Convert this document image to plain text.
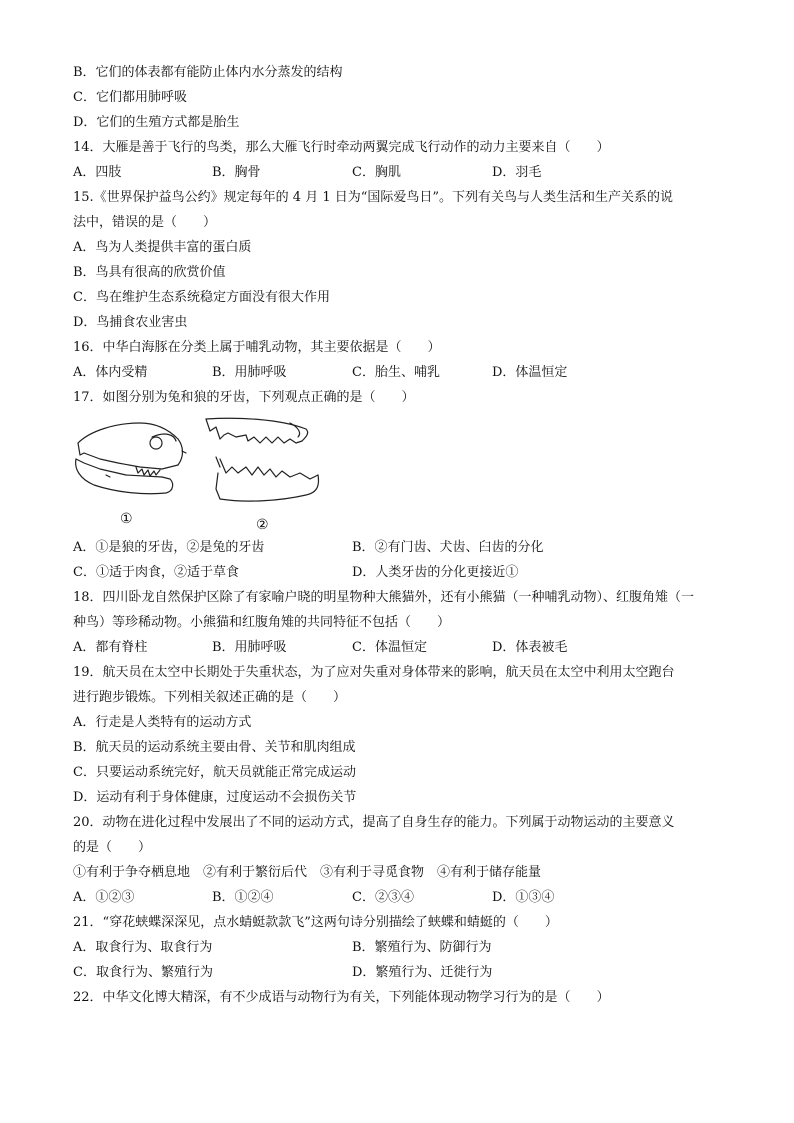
B．它们的体表都有能防止体内水分蒸发的结构
C．它们都用肺呼吸
D．它们的生殖方式都是胎生
14．大雁是善于飞行的鸟类，那么大雁飞行时牵动两翼完成飞行动作的动力主要来自（　　）
A．四肢	B．胸骨	C．胸肌	D．羽毛
15.《世界保护益鸟公约》规定每年的 4 月 1 日为“国际爱鸟日”。下列有关鸟与人类生活和生产关系的说
法中，错误的是（　　）
A．鸟为人类提供丰富的蛋白质
B．鸟具有很高的欣赏价值
C．鸟在维护生态系统稳定方面没有很大作用
D．鸟捕食农业害虫
16．中华白海豚在分类上属于哺乳动物，其主要依据是（　　）
A．体内受精	B．用肺呼吸	C．胎生、哺乳	D．体温恒定
17．如图分别为兔和狼的牙齿，下列观点正确的是（　　）
①	②
A．①是狼的牙齿，②是兔的牙齿	B．②有门齿、犬齿、臼齿的分化
C．①适于肉食，②适于草食	D．人类牙齿的分化更接近①
18．四川卧龙自然保护区除了有家喻户晓的明星物种大熊猫外，还有小熊猫（一种哺乳动物）、红腹角雉（一
种鸟）等珍稀动物。小熊猫和红腹角雉的共同特征不包括（　　）
A．都有脊柱	B．用肺呼吸	C．体温恒定	D．体表被毛
19．航天员在太空中长期处于失重状态，为了应对失重对身体带来的影响，航天员在太空中利用太空跑台
进行跑步锻炼。下列相关叙述正确的是（　　）
A．行走是人类特有的运动方式
B．航天员的运动系统主要由骨、关节和肌肉组成
C．只要运动系统完好，航天员就能正常完成运动
D．运动有利于身体健康，过度运动不会损伤关节
20．动物在进化过程中发展出了不同的运动方式，提高了自身生存的能力。下列属于动物运动的主要意义
的是（　　）
①有利于争夺栖息地　②有利于繁衍后代　③有利于寻觅食物　④有利于储存能量
A．①②③	B．①②④	C．②③④	D．①③④
21．“穿花蛱蝶深深见，点水蜻蜓款款飞”这两句诗分别描绘了蛱蝶和蜻蜓的（　　）
A．取食行为、取食行为	B．繁殖行为、防御行为
C．取食行为、繁殖行为	D．繁殖行为、迁徙行为
22．中华文化博大精深，有不少成语与动物行为有关，下列能体现动物学习行为的是（　　）
